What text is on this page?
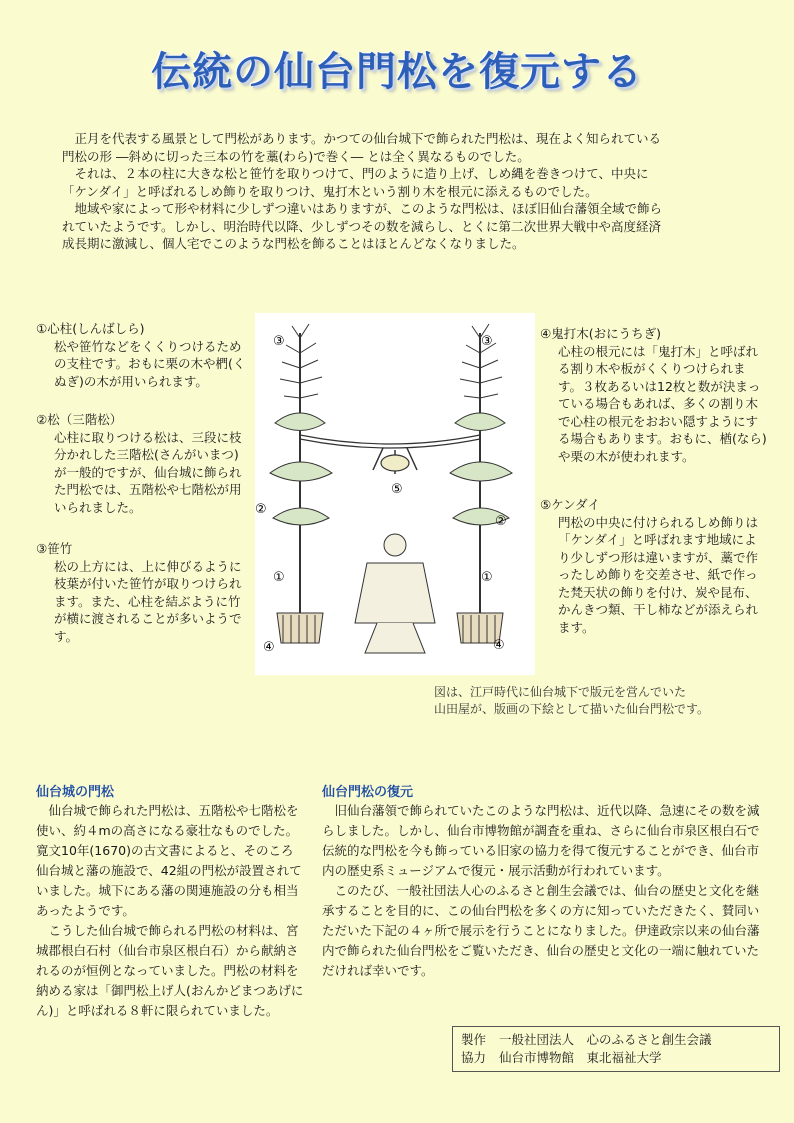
伝統の仙台門松を復元する

正月を代表する風景として門松があります。かつての仙台城下で飾られた門松は、現在よく知られている

門松の形 ―斜めに切った三本の竹を藁(わら)で巻く― とは全く異なるものでした。

それは、２本の柱に大きな松と笹竹を取りつけて、門のように造り上げ、しめ縄を巻きつけて、中央に

「ケンダイ」と呼ばれるしめ飾りを取りつけ、鬼打木という割り木を根元に添えるものでした。

地域や家によって形や材料に少しずつ違いはありますが、このような門松は、ほぼ旧仙台藩領全域で飾ら

れていたようです。しかし、明治時代以降、少しずつその数を減らし、とくに第二次世界大戦中や高度経済

成長期に激減し、個人宅でこのような門松を飾ることはほとんどなくなりました。

①心柱(しんばしら)
松や笹竹などをくくりつけるための支柱です。おもに栗の木や椚(くぬぎ)の木が用いられます。
②松（三階松）
心柱に取りつける松は、三段に枝分かれした三階松(さんがいまつ)が一般的ですが、仙台城に飾られた門松では、五階松や七階松が用いられました。
③笹竹
松の上方には、上に伸びるように枝葉が付いた笹竹が取りつけられます。また、心柱を結ぶように竹が横に渡されることが多いようです。
④鬼打木(おにうちぎ)
心柱の根元には「鬼打木」と呼ばれる割り木や板がくくりつけられます。３枚あるいは12枚と数が決まっている場合もあれば、多くの割り木で心柱の根元をおおい隠すようにする場合もあります。おもに、楢(なら)や栗の木が使われます。
⑤ケンダイ
門松の中央に付けられるしめ飾りは「ケンダイ」と呼ばれます地域により少しずつ形は違いますが、藁で作ったしめ飾りを交差させ、紙で作った梵天状の飾りを付け、炭や昆布、かんきつ類、干し柿などが添えられます。
③	③
⑤
②
②
①	①
④	④
図は、江戸時代に仙台城下で版元を営んでいた
山田屋が、版画の下絵として描いた仙台門松です。
仙台城の門松

仙台城で飾られた門松は、五階松や七階松を使い、約４mの高さになる豪壮なものでした。寛文10年(1670)の古文書によると、そのころ仙台城と藩の施設で、42組の門松が設置されていました。城下にある藩の関連施設の分も相当あったようです。

こうした仙台城で飾られる門松の材料は、宮城郡根白石村（仙台市泉区根白石）から献納されるのが恒例となっていました。門松の材料を納める家は「御門松上げ人(おんかどまつあげにん)」と呼ばれる８軒に限られていました。

仙台門松の復元

旧仙台藩領で飾られていたこのような門松は、近代以降、急速にその数を減らしました。しかし、仙台市博物館が調査を重ね、さらに仙台市泉区根白石で伝統的な門松を今も飾っている旧家の協力を得て復元することができ、仙台市内の歴史系ミュージアムで復元・展示活動が行われています。

このたび、一般社団法人心のふるさと創生会議では、仙台の歴史と文化を継承することを目的に、この仙台門松を多くの方に知っていただきたく、賛同いただいた下記の４ヶ所で展示を行うことになりました。伊達政宗以来の仙台藩内で飾られた仙台門松をご覧いただき、仙台の歴史と文化の一端に触れていただければ幸いです。

製作 一般社団法人　心のふるさと創生会議
協力 仙台市博物館　東北福祉大学
